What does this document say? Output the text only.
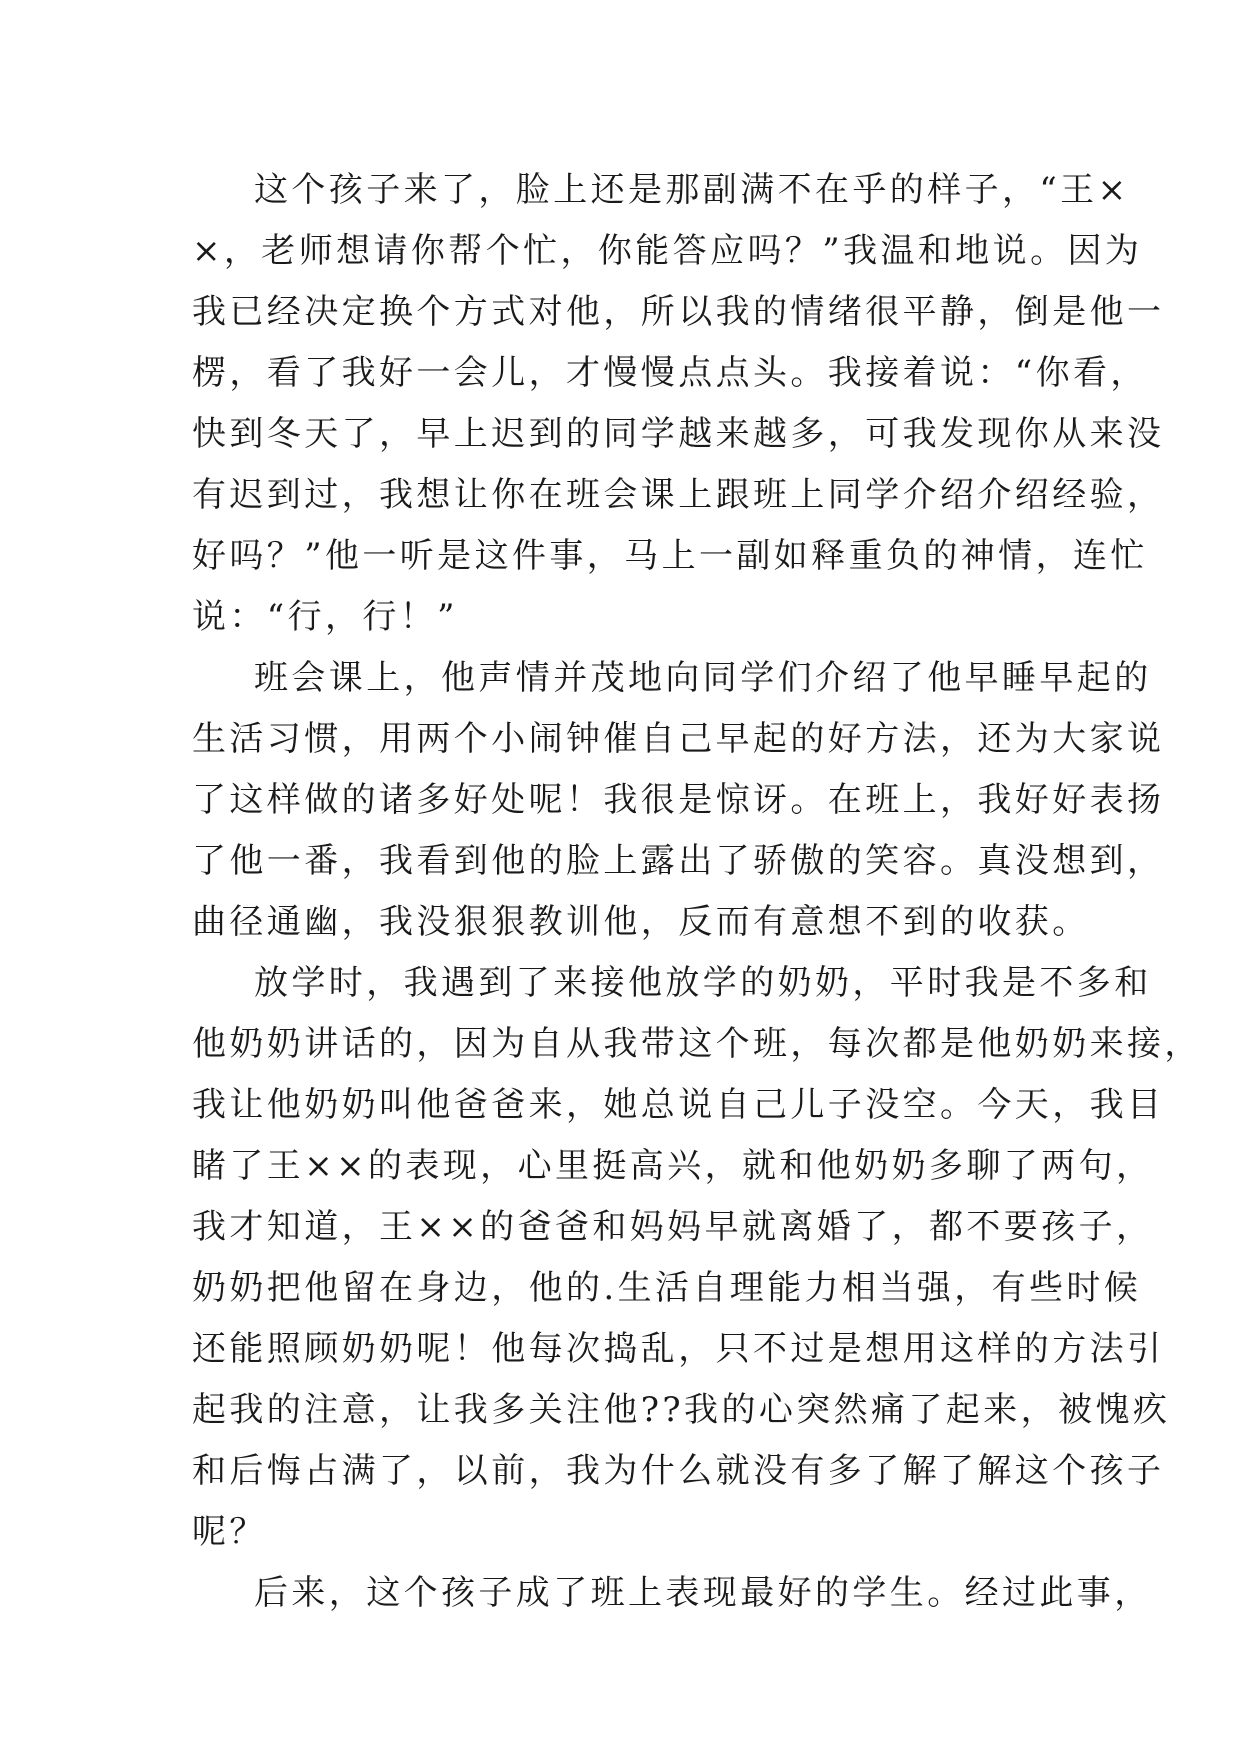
这个孩子来了，脸上还是那副满不在乎的样子，“王×
×，老师想请你帮个忙，你能答应吗？”我温和地说。因为
我已经决定换个方式对他，所以我的情绪很平静，倒是他一
楞，看了我好一会儿，才慢慢点点头。我接着说：“你看，
快到冬天了，早上迟到的同学越来越多，可我发现你从来没
有迟到过，我想让你在班会课上跟班上同学介绍介绍经验，
好吗？”他一听是这件事，马上一副如释重负的神情，连忙
说：“行，行！”
班会课上，他声情并茂地向同学们介绍了他早睡早起的
生活习惯，用两个小闹钟催自己早起的好方法，还为大家说
了这样做的诸多好处呢！我很是惊讶。在班上，我好好表扬
了他一番，我看到他的脸上露出了骄傲的笑容。真没想到，
曲径通幽，我没狠狠教训他，反而有意想不到的收获。
放学时，我遇到了来接他放学的奶奶，平时我是不多和
他奶奶讲话的，因为自从我带这个班，每次都是他奶奶来接，
我让他奶奶叫他爸爸来，她总说自己儿子没空。今天，我目
睹了王××的表现，心里挺高兴，就和他奶奶多聊了两句，
我才知道，王××的爸爸和妈妈早就离婚了，都不要孩子，
奶奶把他留在身边，他的.生活自理能力相当强，有些时候
还能照顾奶奶呢！他每次捣乱，只不过是想用这样的方法引
起我的注意，让我多关注他??我的心突然痛了起来，被愧疚
和后悔占满了，以前，我为什么就没有多了解了解这个孩子
呢？
后来，这个孩子成了班上表现最好的学生。经过此事，
